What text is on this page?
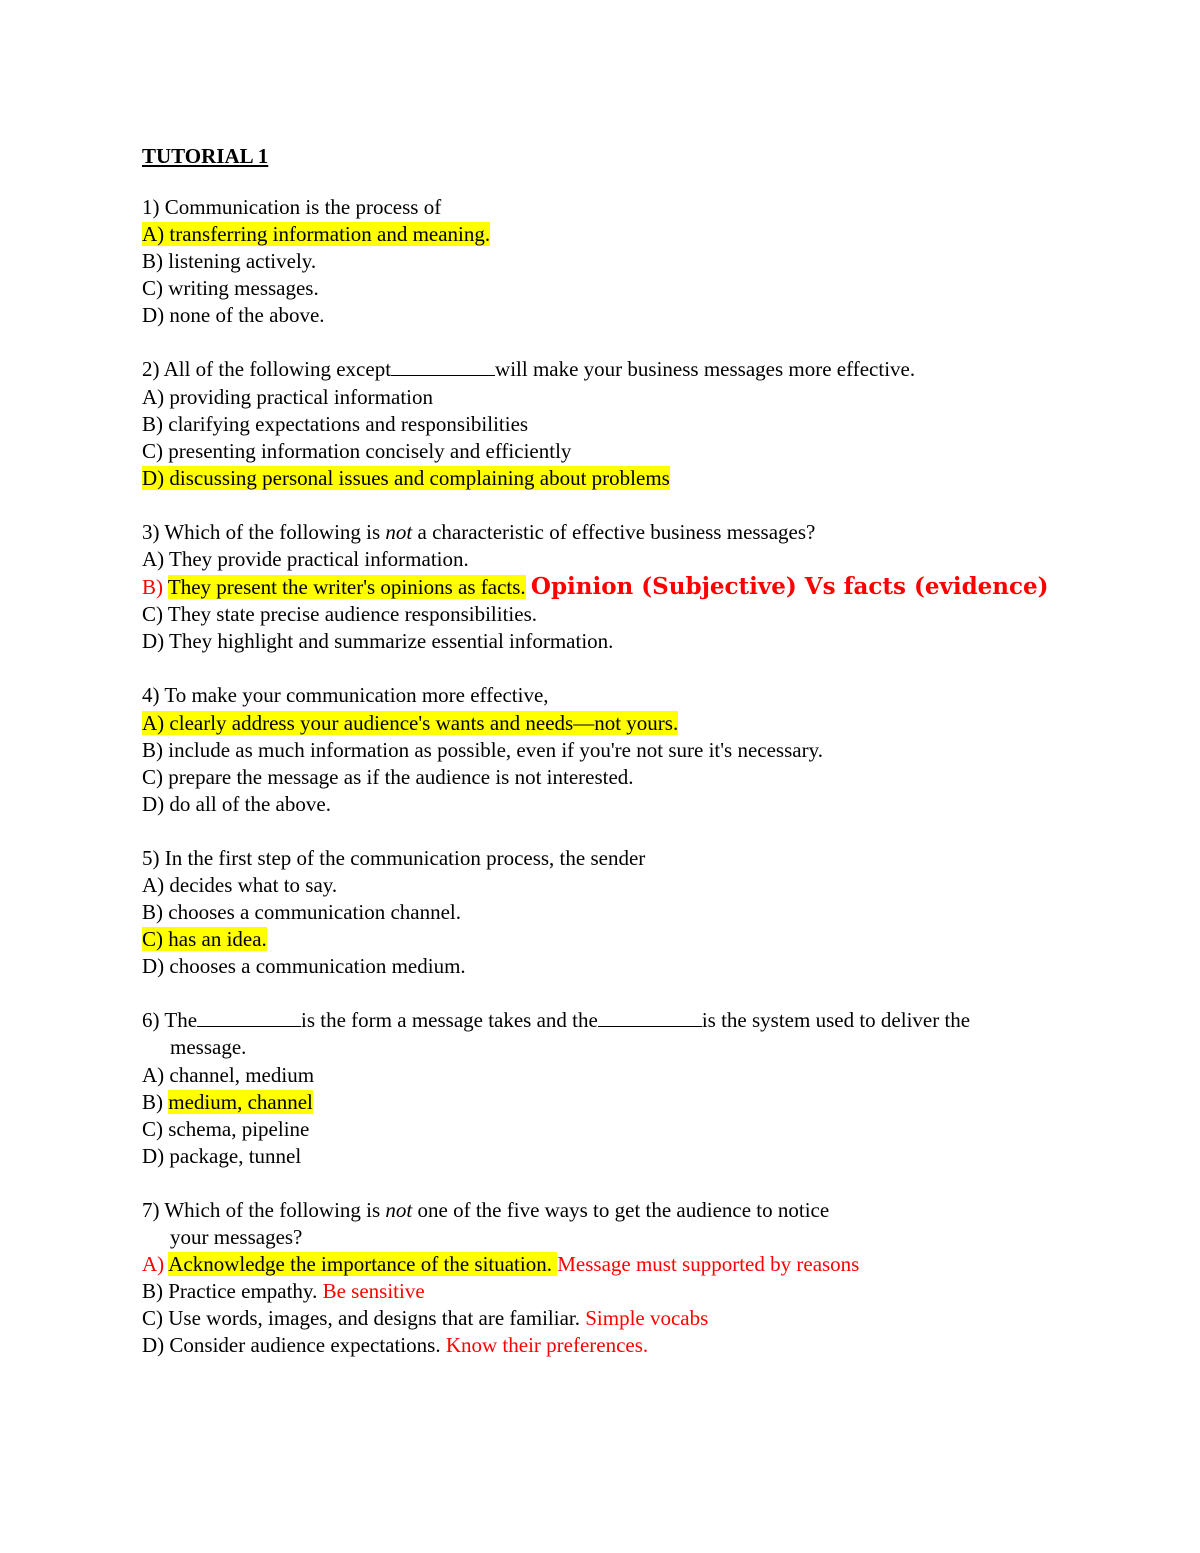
TUTORIAL 1
1) Communication is the process of
A) transferring information and meaning.
B) listening actively.
C) writing messages.
D) none of the above.
2) All of the following except	will make your business messages more effective.
A) providing practical information
B) clarifying expectations and responsibilities
C) presenting information concisely and efficiently
D) discussing personal issues and complaining about problems
3) Which of the following is not a characteristic of effective business messages?
A) They provide practical information.
B) They present the writer's opinions as facts. Opinion (Subjective) Vs facts (evidence)
C) They state precise audience responsibilities.
D) They highlight and summarize essential information.
4) To make your communication more effective,
A) clearly address your audience's wants and needs—not yours.
B) include as much information as possible, even if you're not sure it's necessary.
C) prepare the message as if the audience is not interested.
D) do all of the above.
5) In the first step of the communication process, the sender
A) decides what to say.
B) chooses a communication channel.
C) has an idea.
D) chooses a communication medium.
6) The	is the form a message takes and the	is the system used to deliver the
message.
A) channel, medium
B) medium, channel
C) schema, pipeline
D) package, tunnel
7) Which of the following is not one of the five ways to get the audience to notice
your messages?
A) Acknowledge the importance of the situation. Message must supported by reasons
B) Practice empathy. Be sensitive
C) Use words, images, and designs that are familiar. Simple vocabs
D) Consider audience expectations. Know their preferences.
